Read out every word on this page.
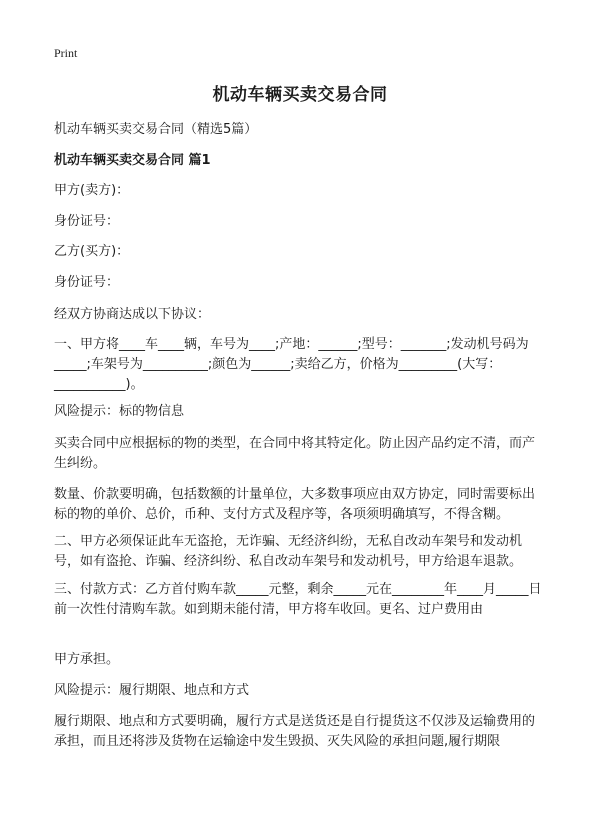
Print
机动车辆买卖交易合同

机动车辆买卖交易合同（精选5篇）

机动车辆买卖交易合同 篇1

甲方(卖方)：

身份证号：

乙方(买方)：

身份证号：

经双方协商达成以下协议：

一、甲方将____车____辆，车号为____;产地：______;型号：_______;发动机号码为_____;车架号为__________;颜色为______;卖给乙方，价格为_________(大写：___________)。

风险提示：标的物信息

买卖合同中应根据标的物的类型，在合同中将其特定化。防止因产品约定不清，而产生纠纷。

数量、价款要明确，包括数额的计量单位，大多数事项应由双方协定，同时需要标出标的物的单价、总价，币种、支付方式及程序等，各项须明确填写，不得含糊。

二、甲方必须保证此车无盗抢，无诈骗、无经济纠纷，无私自改动车架号和发动机号，如有盗抢、诈骗、经济纠纷、私自改动车架号和发动机号，甲方给退车退款。

三、付款方式：乙方首付购车款_____元整，剩余_____元在________年____月_____日前一次性付清购车款。如到期未能付清，甲方将车收回。更名、过户费用由

甲方承担。

风险提示：履行期限、地点和方式

履行期限、地点和方式要明确，履行方式是送货还是自行提货这不仅涉及运输费用的承担，而且还将涉及货物在运输途中发生毁损、灭失风险的承担问题,履行期限
